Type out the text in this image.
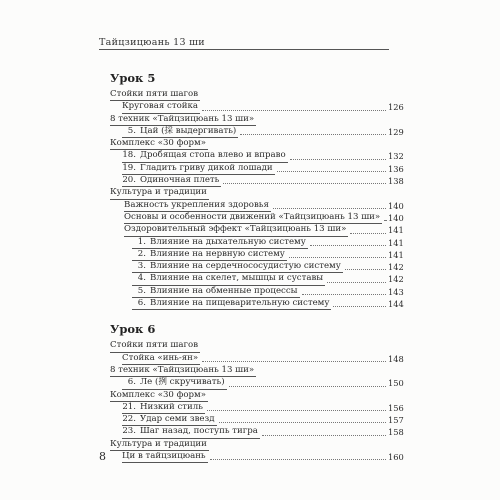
Тайцзицюань 13 ши
Урок 5
Стойки пяти шагов
Круговая стойка	126
8 техник «Тайцзицюань 13 ши»
5. Цай (採 выдергивать)	129
Комплекс «30 форм»
18. Дробящая стопа влево и вправо	132
19. Гладить гриву дикой лошади	136
20. Одиночная плеть	138
Культура и традиции
Важность укрепления здоровья	140
Основы и особенности движений «Тайцзицюань 13 ши» 140
Оздоровительный эффект «Тайцзицюань 13 ши»	141
1. Влияние на дыхательную систему	141
2. Влияние на нервную систему	141
3. Влияние на сердечнососудистую систему	142
4. Влияние на скелет, мышцы и суставы	142
5. Влияние на обменные процессы	143
6. Влияние на пищеварительную систему	144
Урок 6
Стойки пяти шагов
Стойка «инь-ян»	148
8 техник «Тайцзицюань 13 ши»
6. Ле (挒 скручивать)	150
Комплекс «30 форм»
21. Низкий стиль	156
22. Удар семи звезд	157
23. Шаг назад, поступь тигра	158
Культура и традиции
Ци в тайцзицюань	160
8
